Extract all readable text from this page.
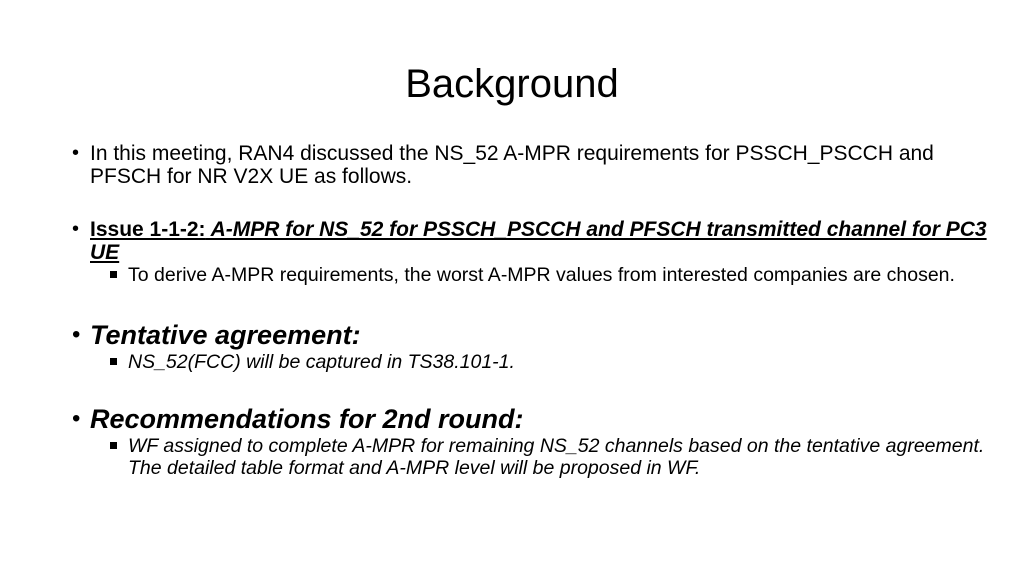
Background
• In this meeting, RAN4 discussed the NS_52 A-MPR requirements for PSSCH_PSCCH and PFSCH for NR V2X UE as follows.
• Issue 1-1-2: A-MPR for NS_52 for PSSCH_PSCCH and PFSCH transmitted channel for PC3 UE
To derive A-MPR requirements, the worst A-MPR values from interested companies are chosen.
• Tentative agreement:
NS_52(FCC) will be captured in TS38.101-1.
• Recommendations for 2nd round:
WF assigned to complete A-MPR for remaining NS_52 channels based on the tentative agreement. The detailed table format and A-MPR level will be proposed in WF.
